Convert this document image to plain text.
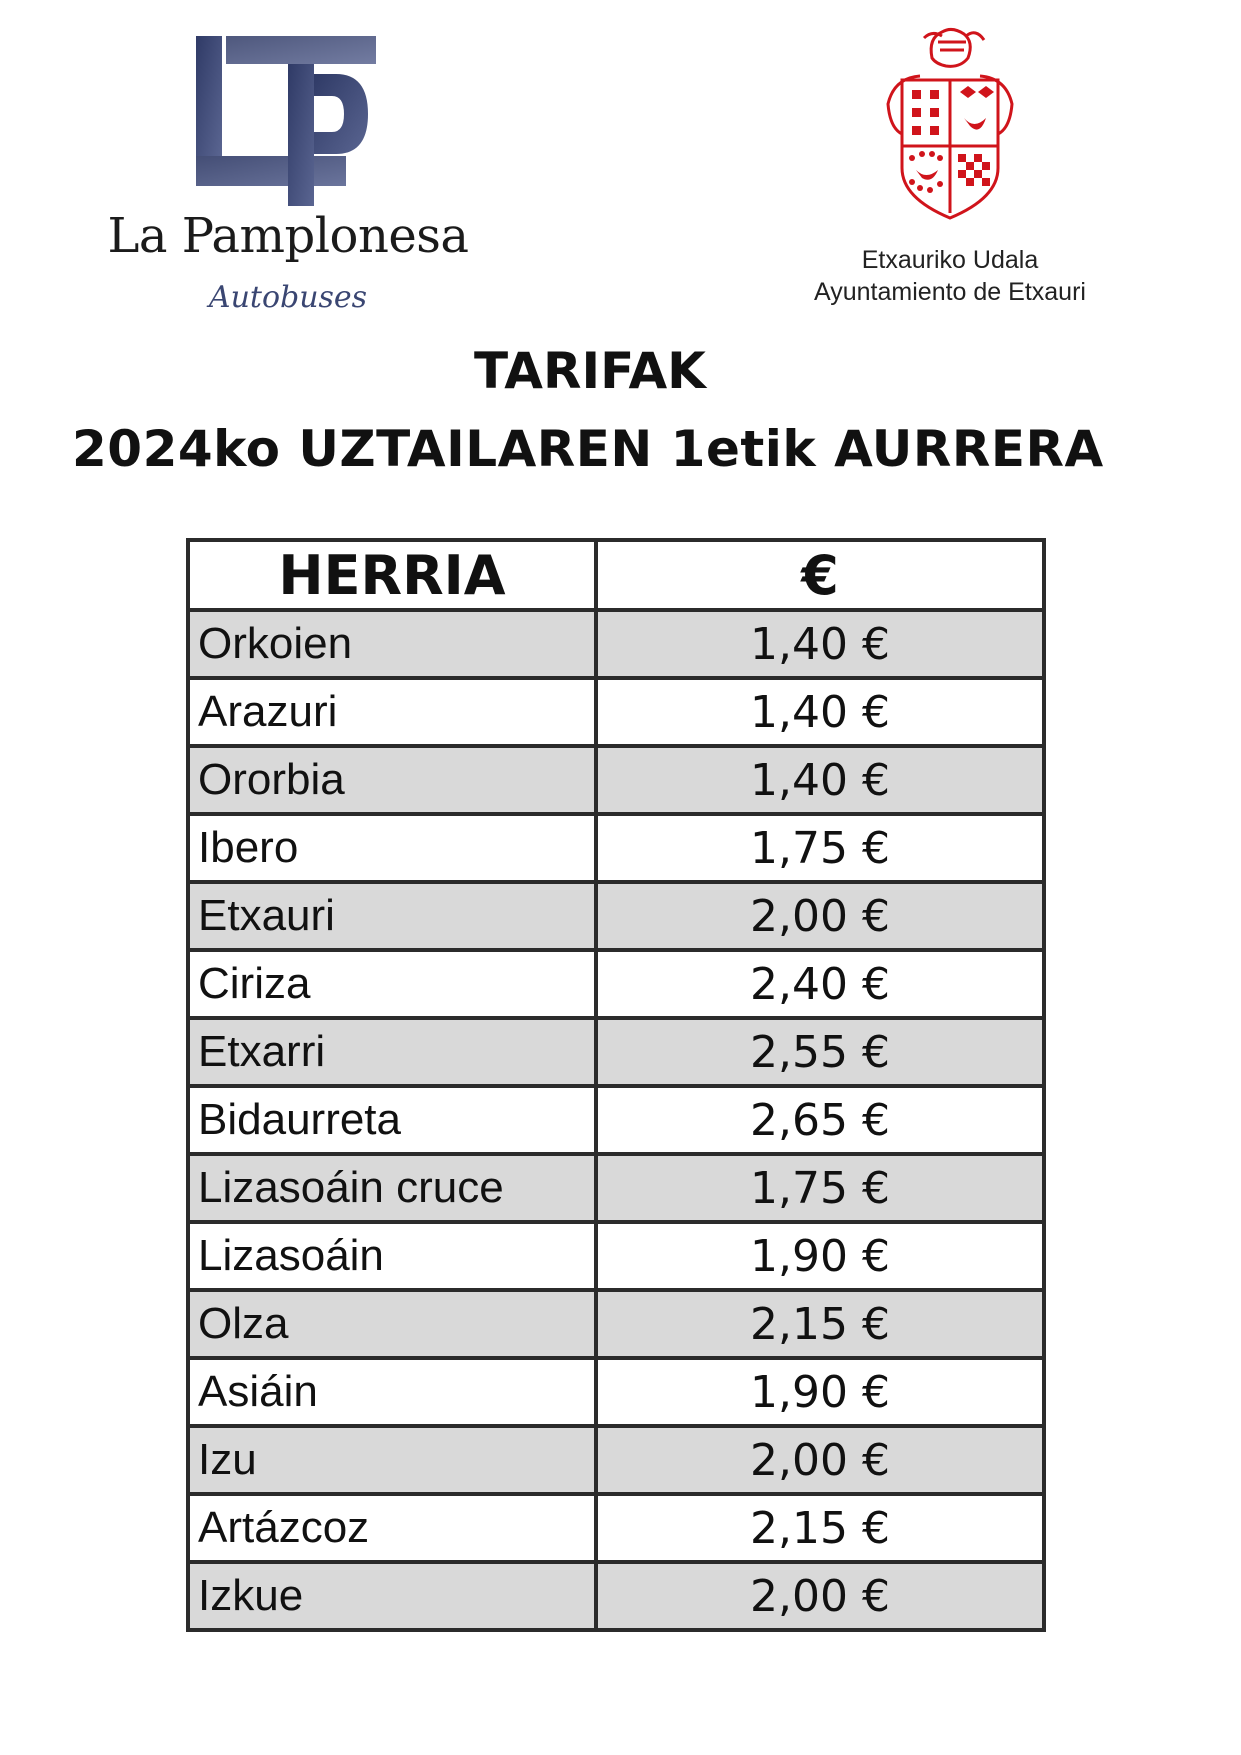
La Pamplonesa
Autobuses
Etxauriko Udala
Ayuntamiento de Etxauri
TARIFAK
2024ko UZTAILAREN 1etik AURRERA
HERRIA	€
Orkoien	1,40 €
Arazuri	1,40 €
Ororbia	1,40 €
Ibero	1,75 €
Etxauri	2,00 €
Ciriza	2,40 €
Etxarri	2,55 €
Bidaurreta	2,65 €
Lizasoáin cruce	1,75 €
Lizasoáin	1,90 €
Olza	2,15 €
Asiáin	1,90 €
Izu	2,00 €
Artázcoz	2,15 €
Izkue	2,00 €
